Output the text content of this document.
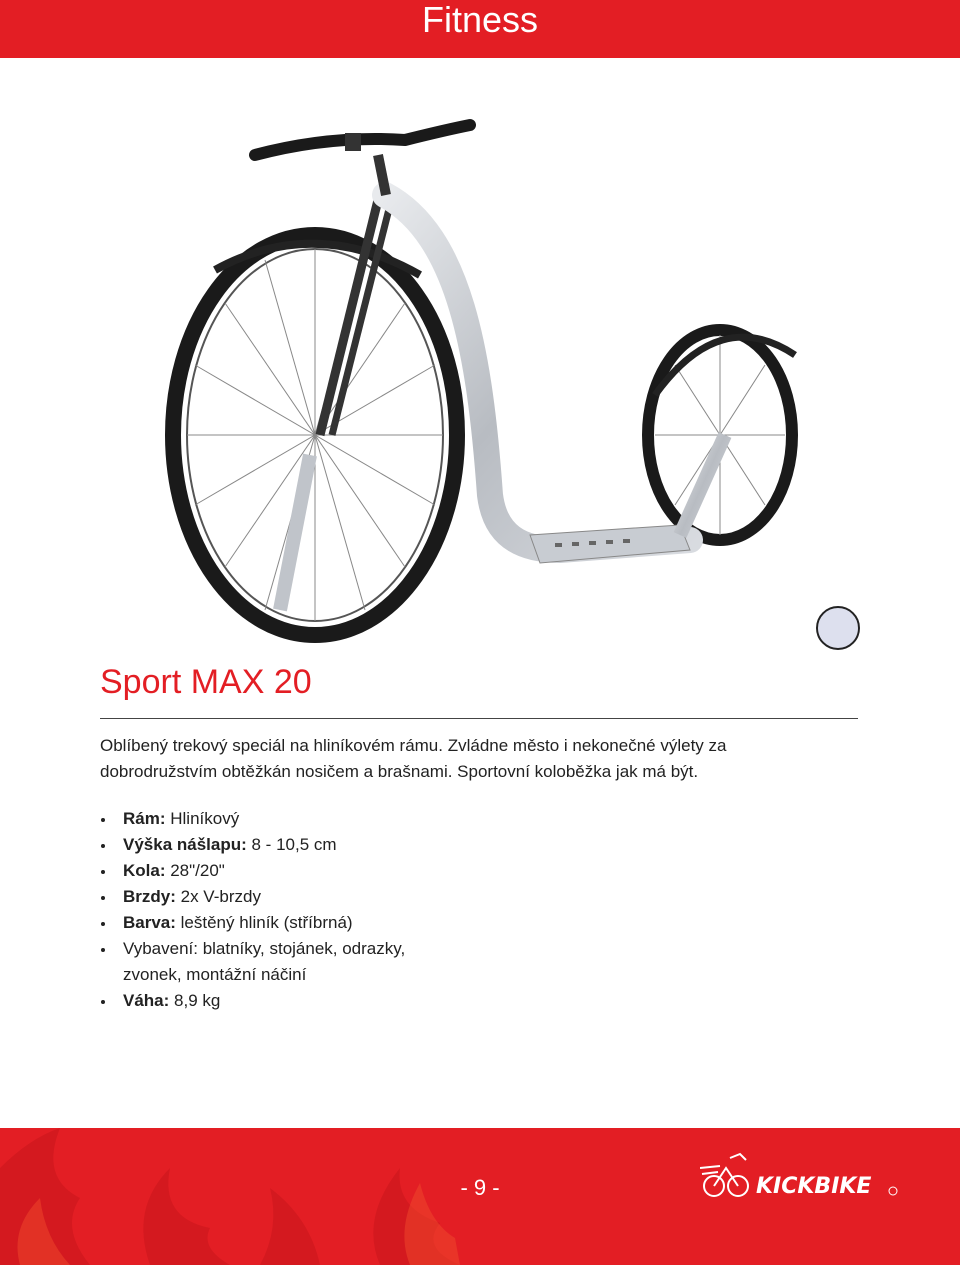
Fitness
Sport MAX 20

Oblíbený trekový speciál na hliníkovém rámu. Zvládne město i nekonečné výlety za dobrodružstvím obtěžkán nosičem a brašnami. Sportovní koloběžka jak má být.

Rám: Hliníkový
Výška nášlapu: 8 - 10,5 cm
Kola: 28"/20"
Brzdy: 2x V-brzdy
Barva: leštěný hliník (stříbrná)
Vybavení: blatníky, stojánek, odrazky, zvonek, montážní náčiní
Váha: 8,9 kg
- 9 -	KICKBIKE
